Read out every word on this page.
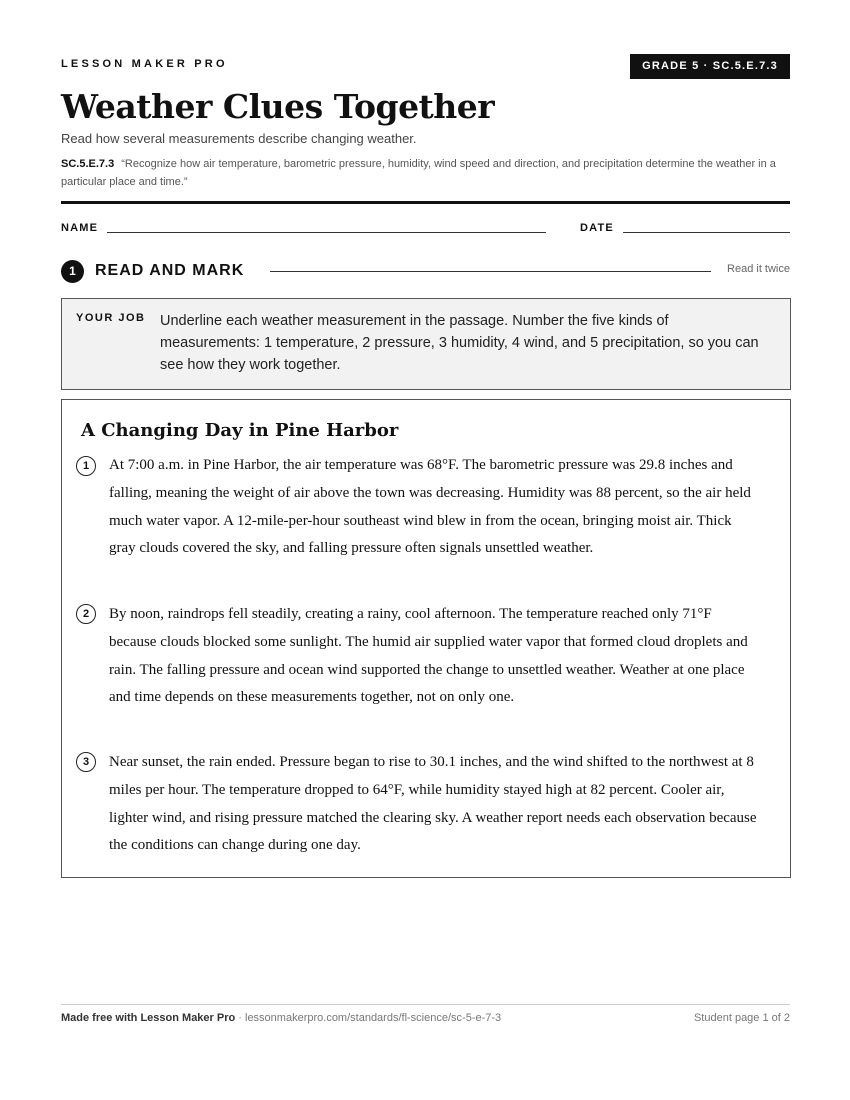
LESSON MAKER PRO	GRADE 5 · SC.5.E.7.3
Weather Clues Together
Read how several measurements describe changing weather.
SC.5.E.7.3 “Recognize how air temperature, barometric pressure, humidity, wind speed and direction, and precipitation determine the weather in a particular place and time.”
NAME	DATE
1	READ AND MARK	Read it twice
YOUR JOB Underline each weather measurement in the passage. Number the five kinds of measurements: 1 temperature, 2 pressure, 3 humidity, 4 wind, and 5 precipitation, so you can see how they work together.
A Changing Day in Pine Harbor
1	At 7:00 a.m. in Pine Harbor, the air temperature was 68°F. The barometric pressure was 29.8 inches and falling, meaning the weight of air above the town was decreasing. Humidity was 88 percent, so the air held much water vapor. A 12-mile-per-hour southeast wind blew in from the ocean, bringing moist air. Thick gray clouds covered the sky, and falling pressure often signals unsettled weather.
2	By noon, raindrops fell steadily, creating a rainy, cool afternoon. The temperature reached only 71°F because clouds blocked some sunlight. The humid air supplied water vapor that formed cloud droplets and rain. The falling pressure and ocean wind supported the change to unsettled weather. Weather at one place and time depends on these measurements together, not on only one.
3	Near sunset, the rain ended. Pressure began to rise to 30.1 inches, and the wind shifted to the northwest at 8 miles per hour. The temperature dropped to 64°F, while humidity stayed high at 82 percent. Cooler air, lighter wind, and rising pressure matched the clearing sky. A weather report needs each observation because the conditions can change during one day.
Made free with Lesson Maker Pro · lessonmakerpro.com/standards/fl-science/sc-5-e-7-3	Student page 1 of 2
